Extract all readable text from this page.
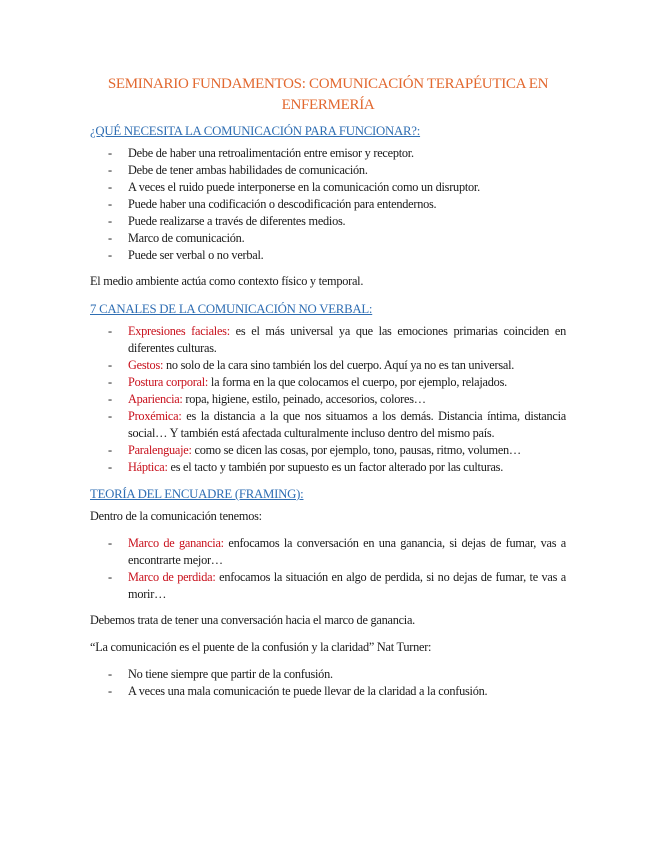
SEMINARIO FUNDAMENTOS: COMUNICACIÓN TERAPÉUTICA EN ENFERMERÍA
¿QUÉ NECESITA LA COMUNICACIÓN PARA FUNCIONAR?:
- Debe de haber una retroalimentación entre emisor y receptor.
- Debe de tener ambas habilidades de comunicación.
- A veces el ruido puede interponerse en la comunicación como un disruptor.
- Puede haber una codificación o descodificación para entendernos.
- Puede realizarse a través de diferentes medios.
- Marco de comunicación.
- Puede ser verbal o no verbal.

El medio ambiente actúa como contexto físico y temporal.

7 CANALES DE LA COMUNICACIÓN NO VERBAL:
- Expresiones faciales: es el más universal ya que las emociones primarias coinciden en diferentes culturas.
- Gestos: no solo de la cara sino también los del cuerpo. Aquí ya no es tan universal.
- Postura corporal: la forma en la que colocamos el cuerpo, por ejemplo, relajados.
- Apariencia: ropa, higiene, estilo, peinado, accesorios, colores…
- Proxémica: es la distancia a la que nos situamos a los demás. Distancia íntima, distancia social… Y también está afectada culturalmente incluso dentro del mismo país.
- Paralenguaje: como se dicen las cosas, por ejemplo, tono, pausas, ritmo, volumen…
- Háptica: es el tacto y también por supuesto es un factor alterado por las culturas.
TEORÍA DEL ENCUADRE (FRAMING):

Dentro de la comunicación tenemos:

- Marco de ganancia: enfocamos la conversación en una ganancia, si dejas de fumar, vas a encontrarte mejor…
- Marco de perdida: enfocamos la situación en algo de perdida, si no dejas de fumar, te vas a morir…

Debemos trata de tener una conversación hacia el marco de ganancia.

“La comunicación es el puente de la confusión y la claridad” Nat Turner:

- No tiene siempre que partir de la confusión.
- A veces una mala comunicación te puede llevar de la claridad a la confusión.
